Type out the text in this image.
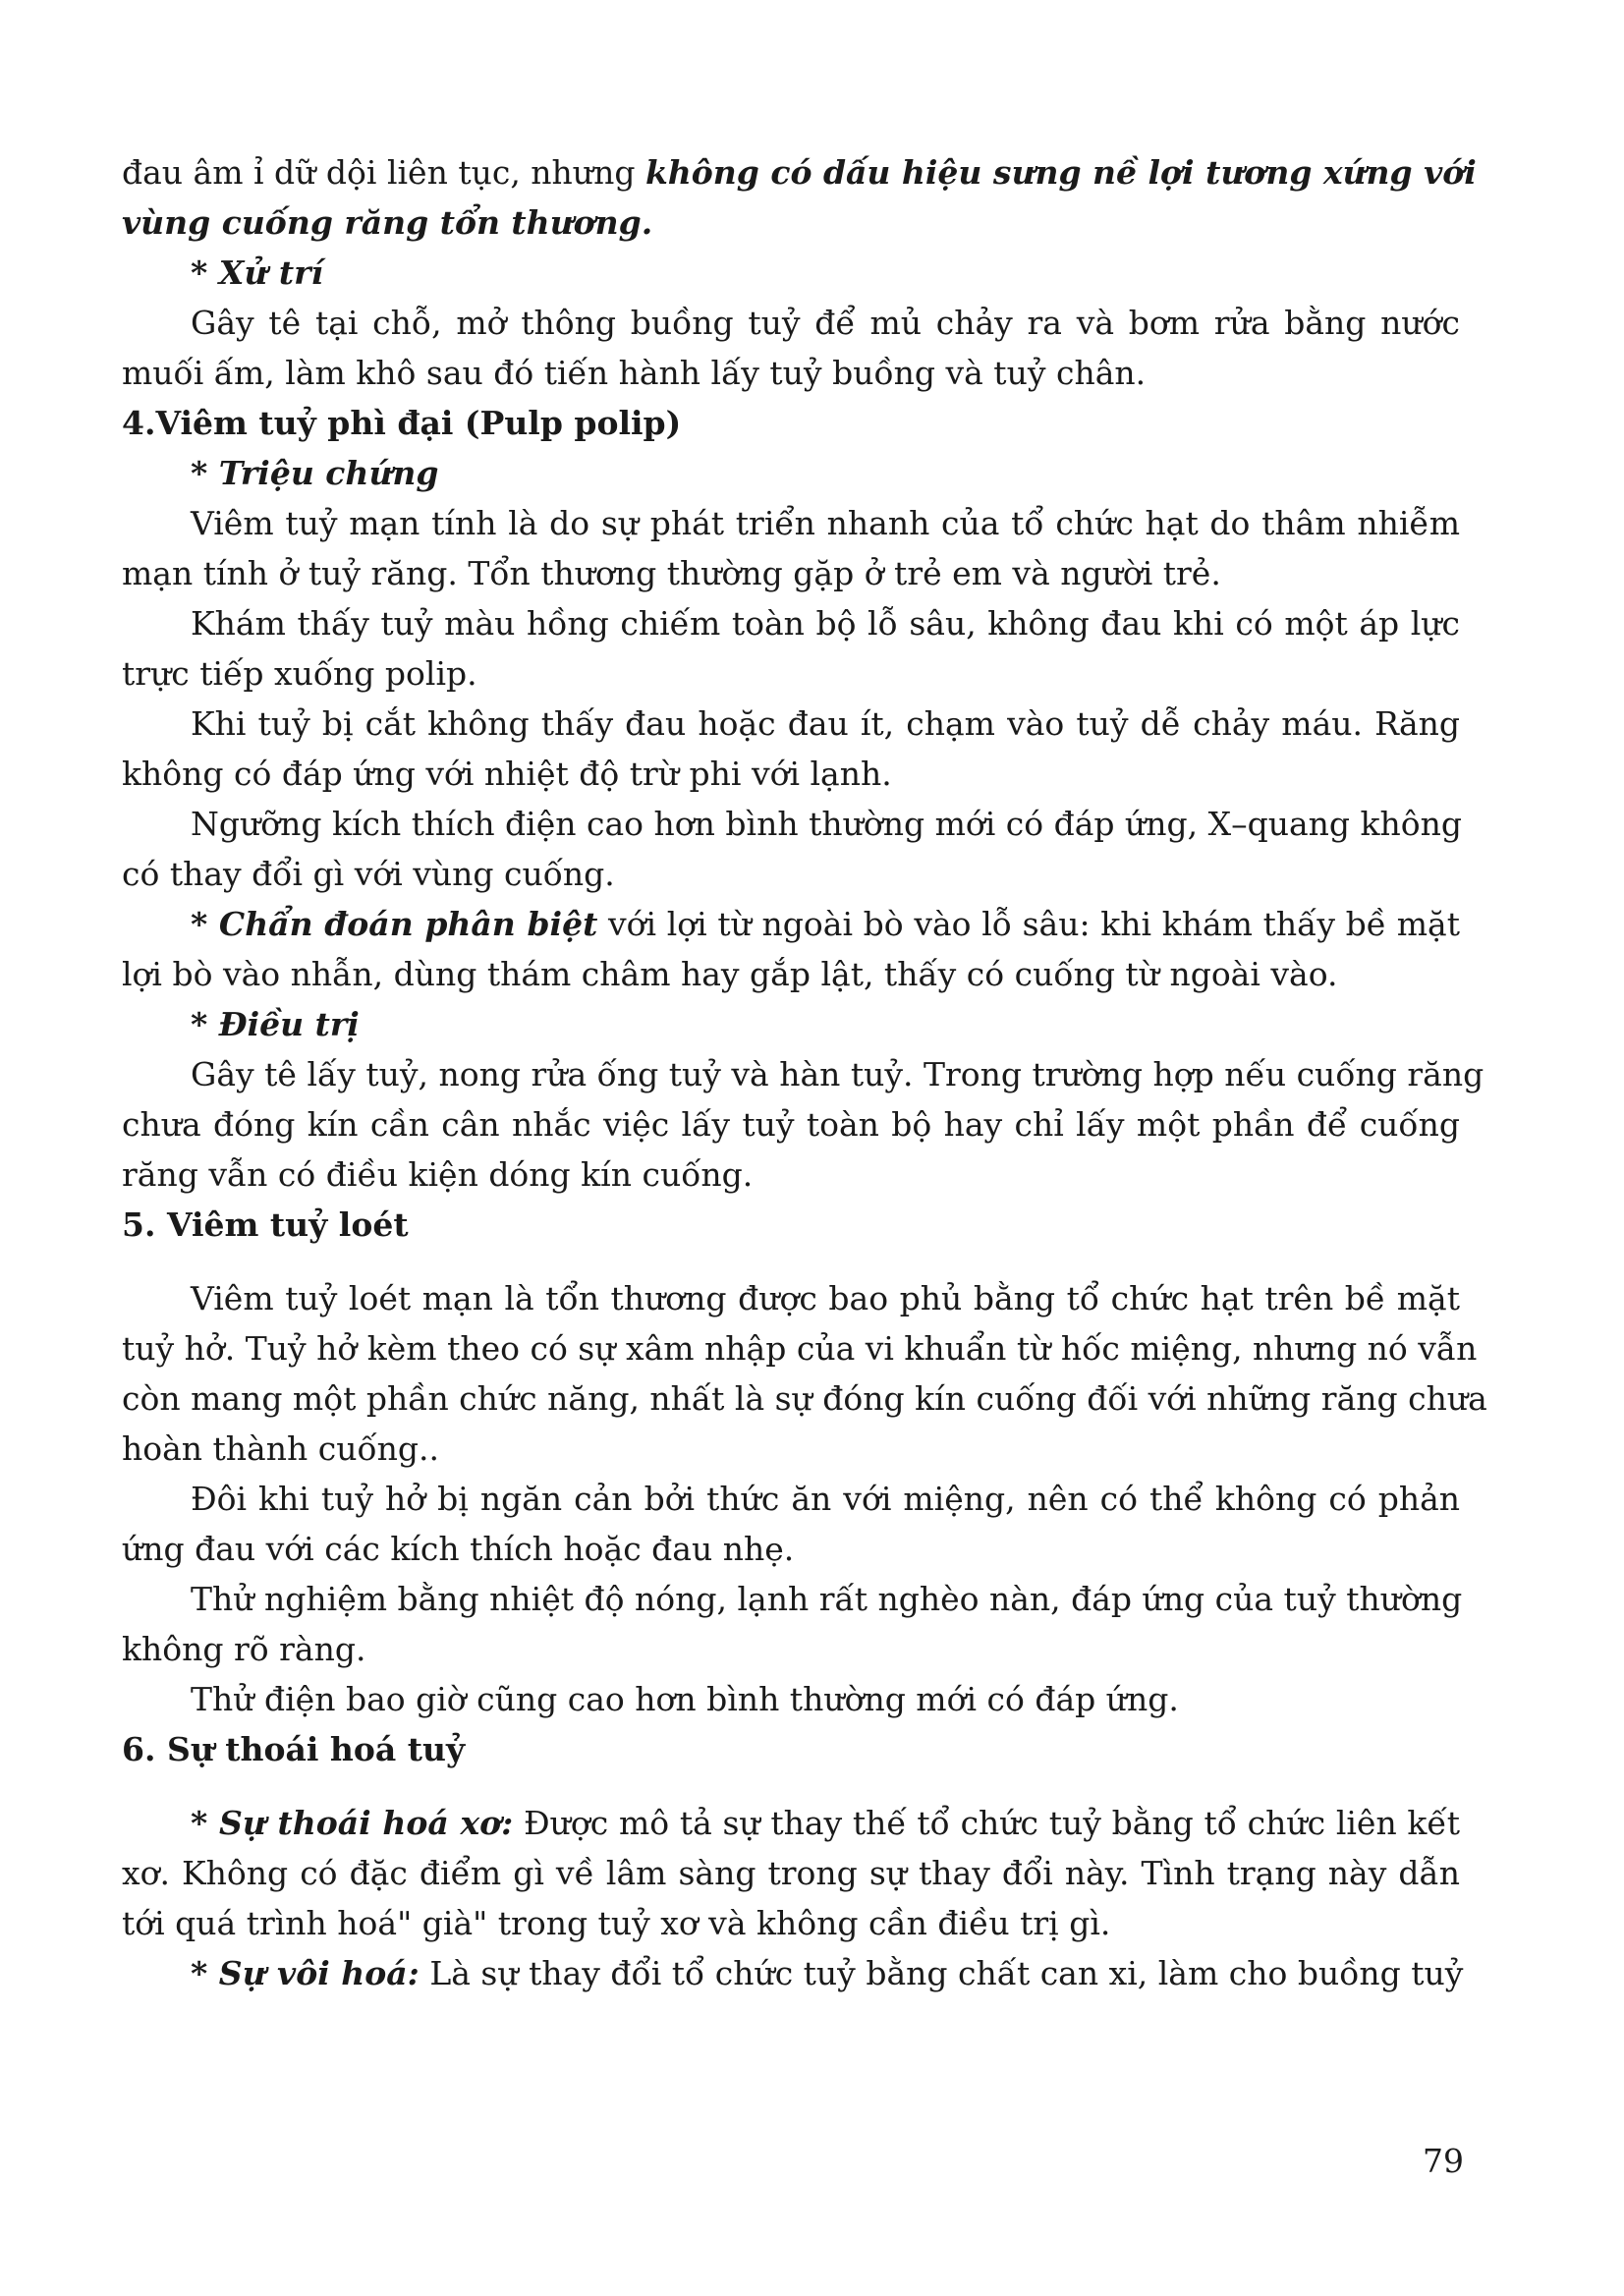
đau âm ỉ dữ dội liên tục, nhưng không có dấu hiệu sưng nề lợi tương xứng với

vùng cuống răng tổn thương.

* Xử trí

Gây tê tại chỗ, mở thông buồng tuỷ để mủ chảy ra và bơm rửa bằng nước

muối ấm, làm khô sau đó tiến hành lấy tuỷ buồng và tuỷ chân.

4.Viêm tuỷ phì đại (Pulp polip)

* Triệu chứng

Viêm tuỷ mạn tính là do sự phát triển nhanh của tổ chức hạt do thâm nhiễm

mạn tính ở tuỷ răng. Tổn thương thường gặp ở trẻ em và người trẻ.

Khám thấy tuỷ màu hồng chiếm toàn bộ lỗ sâu, không đau khi có một áp lực

trực tiếp xuống polip.

Khi tuỷ bị cắt không thấy đau hoặc đau ít, chạm vào tuỷ dễ chảy máu. Răng

không có đáp ứng với nhiệt độ trừ phi với lạnh.

Ngưỡng kích thích điện cao hơn bình thường mới có đáp ứng, X–quang không

có thay đổi gì với vùng cuống.

* Chẩn đoán phân biệt với lợi từ ngoài bò vào lỗ sâu: khi khám thấy bề mặt

lợi bò vào nhẫn, dùng thám châm hay gắp lật, thấy có cuống từ ngoài vào.

* Điều trị

Gây tê lấy tuỷ, nong rửa ống tuỷ và hàn tuỷ. Trong trường hợp nếu cuống răng

chưa đóng kín cần cân nhắc việc lấy tuỷ toàn bộ hay chỉ lấy một phần để cuống

răng vẫn có điều kiện dóng kín cuống.

5. Viêm tuỷ loét

Viêm tuỷ loét mạn là tổn thương được bao phủ bằng tổ chức hạt trên bề mặt

tuỷ hở. Tuỷ hở kèm theo có sự xâm nhập của vi khuẩn từ hốc miệng, nhưng nó vẫn

còn mang một phần chức năng, nhất là sự đóng kín cuống đối với những răng chưa

hoàn thành cuống..

Đôi khi tuỷ hở bị ngăn cản bởi thức ăn với miệng, nên có thể không có phản

ứng đau với các kích thích hoặc đau nhẹ.

Thử nghiệm bằng nhiệt độ nóng, lạnh rất nghèo nàn, đáp ứng của tuỷ thường

không rõ ràng.

Thử điện bao giờ cũng cao hơn bình thường mới có đáp ứng.

6. Sự thoái hoá tuỷ

* Sự thoái hoá xơ: Được mô tả sự thay thế tổ chức tuỷ bằng tổ chức liên kết

xơ. Không có đặc điểm gì về lâm sàng trong sự thay đổi này. Tình trạng này dẫn

tới quá trình hoá" già" trong tuỷ xơ và không cần điều trị gì.

* Sự vôi hoá: Là sự thay đổi tổ chức tuỷ bằng chất can xi, làm cho buồng tuỷ

79
